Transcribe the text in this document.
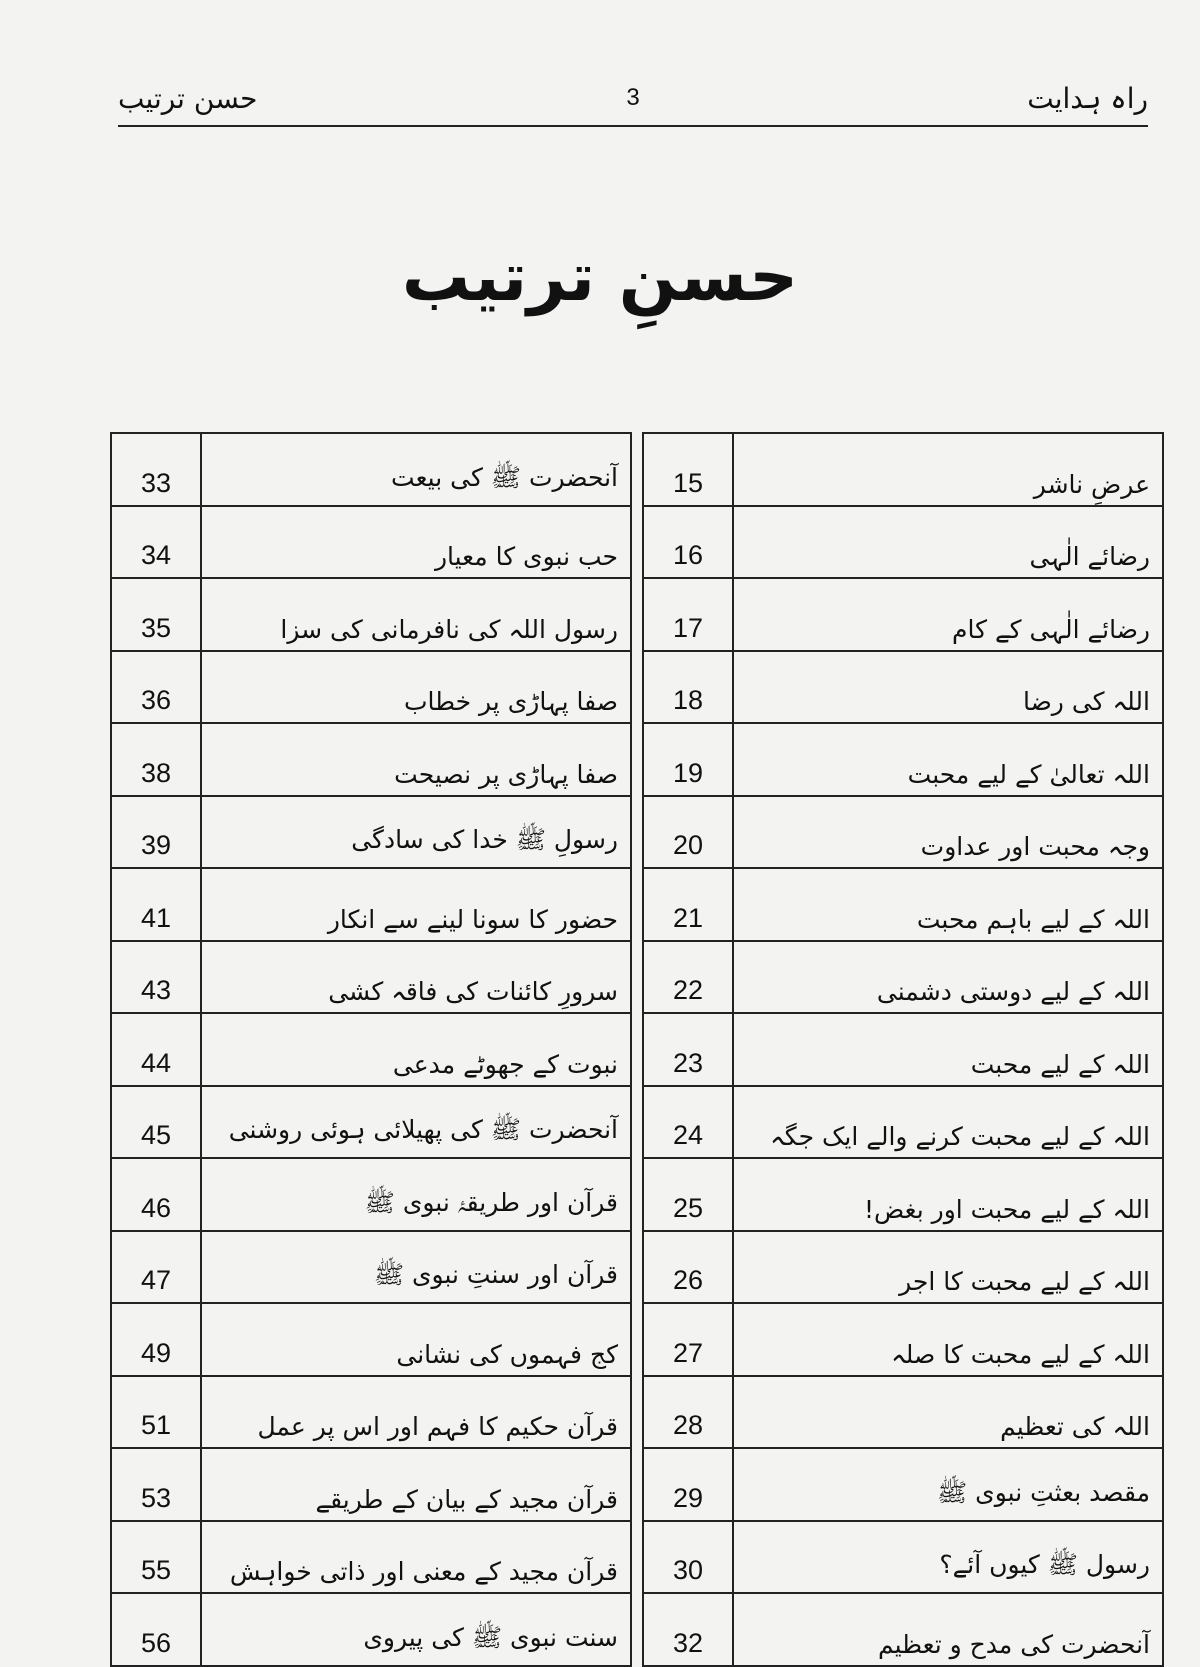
حسن ترتیب	3	راہ ہدایت
حسنِ ترتیب
33	آنحضرت ﷺ کی بیعت
34	حب نبوی کا معیار
35	رسول اللہ کی نافرمانی کی سزا
36	صفا پہاڑی پر خطاب
38	صفا پہاڑی پر نصیحت
39	رسولِ ﷺ خدا کی سادگی
41	حضور کا سونا لینے سے انکار
43	سرورِ کائنات کی فاقہ کشی
44	نبوت کے جھوٹے مدعی
45	آنحضرت ﷺ کی پھیلائی ہوئی روشنی
46	قرآن اور طریقۂ نبوی ﷺ
47	قرآن اور سنتِ نبوی ﷺ
49	کج فہموں کی نشانی
51	قرآن حکیم کا فہم اور اس پر عمل
53	قرآن مجید کے بیان کے طریقے
55	قرآن مجید کے معنی اور ذاتی خواہش
56	سنت نبوی ﷺ کی پیروی
15	عرضِ ناشر
16	رضائے الٰہی
17	رضائے الٰہی کے کام
18	اللہ کی رضا
19	اللہ تعالیٰ کے لیے محبت
20	وجہ محبت اور عداوت
21	اللہ کے لیے باہم محبت
22	اللہ کے لیے دوستی دشمنی
23	اللہ کے لیے محبت
24	اللہ کے لیے محبت کرنے والے ایک جگہ
25	اللہ کے لیے محبت اور بغض!
26	اللہ کے لیے محبت کا اجر
27	اللہ کے لیے محبت کا صلہ
28	اللہ کی تعظیم
29	مقصد بعثتِ نبوی ﷺ
30	رسول ﷺ کیوں آئے؟
32	آنحضرت کی مدح و تعظیم
